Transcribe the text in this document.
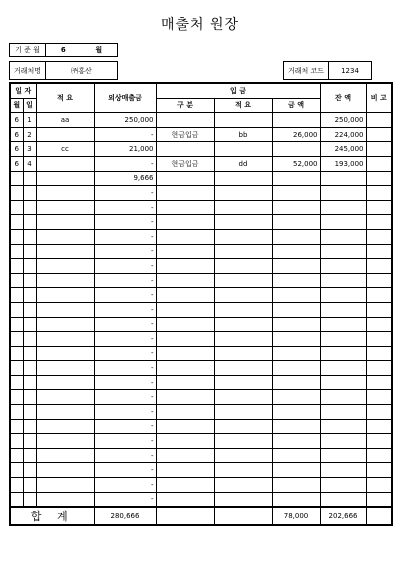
매출처 원장
기 준 월	6	월
거래처명	㈜홍산	거래처 코드 1234
일 자		적 요	외상매출금	입 금			잔 액	비 고
월	일			구 분	적 요	금 액		
6	1	aa	250,000				250,000	
6	2		-	현금입금	bb	26,000	224,000	
6	3	cc	21,000				245,000	
6	4		-	현금입금	dd	52,000	193,000	
			9,666					
			-					
			-					
			-					
			-					
			-					
			-					
			-					
			-					
			-					
			-					
			-					
			-					
			-					
			-					
			-					
			-					
			-					
			-					
			-					
			-					
			-					
			-					
합 계			280,666			78,000	202,666	
